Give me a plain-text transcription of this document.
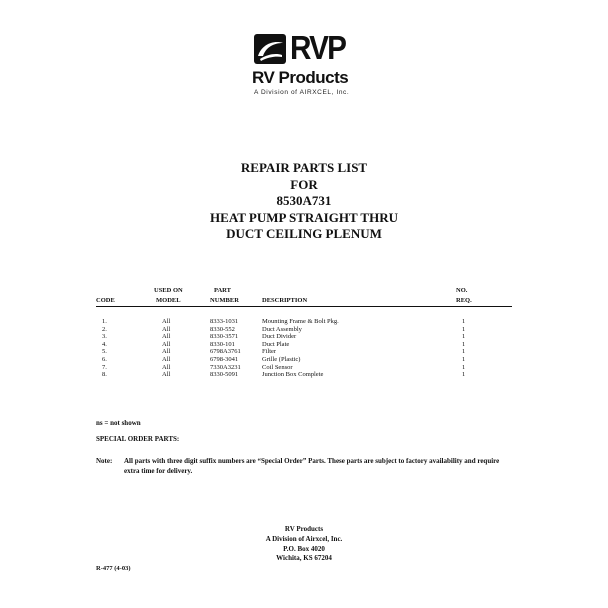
RVP
RV Products
A Division of AIRXCEL, Inc.
REPAIR PARTS LIST
FOR
8530A731
HEAT PUMP STRAIGHT THRU
DUCT CEILING PLENUM
USED ON	PART	NO.
CODE	MODEL	NUMBER	DESCRIPTION	REQ.
1.	All	8333-1031	Mounting Frame & Bolt Pkg.	1
2.	All	8330-552	Duct Assembly	1
3.	All	8330-3571	Duct Divider	1
4.	All	8330-101	Duct Plate	1
5.	All	6798A3761	Filter	1
6.	All	6798-3041	Grille (Plastic)	1
7.	All	7330A3231	Coil Sensor	1
8.	All	8330-5091	Junction Box Complete	1
ns = not shown
SPECIAL ORDER PARTS:
Note: All parts with three digit suffix numbers are “Special Order” Parts. These parts are subject to factory availability and require extra time for delivery.
RV Products
A Division of Airxcel, Inc.
P.O. Box 4020
Wichita, KS 67204
R-477 (4-03)
